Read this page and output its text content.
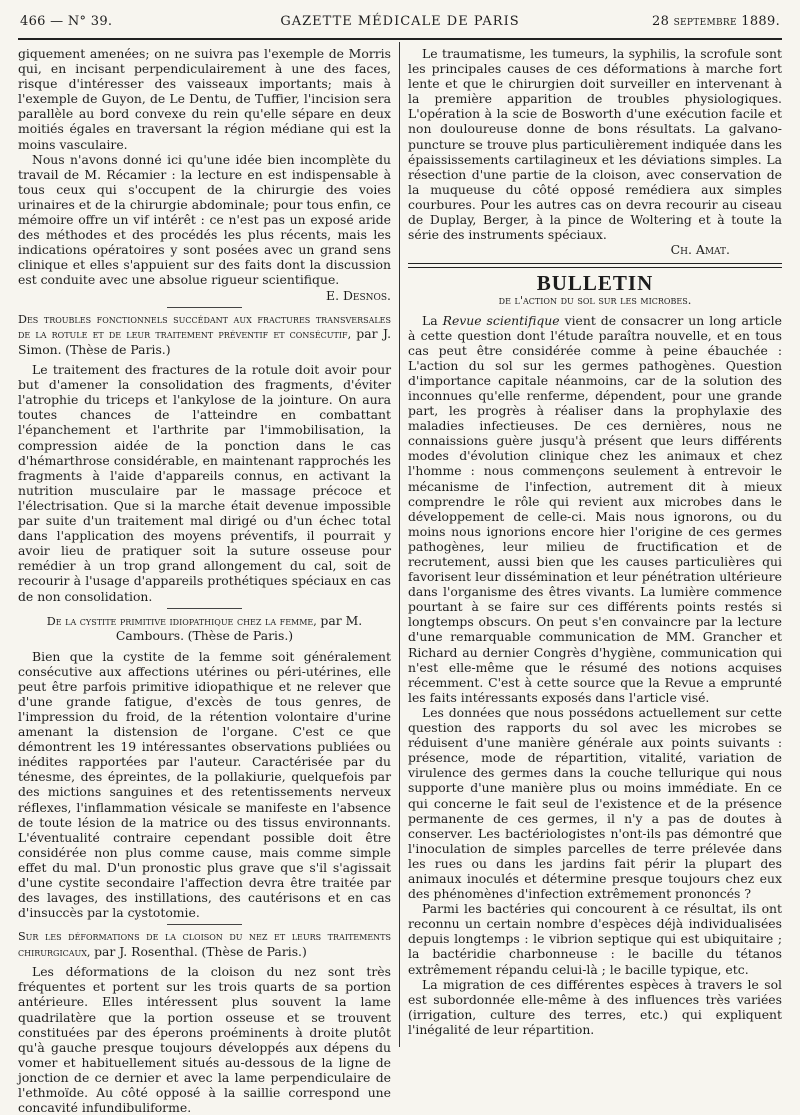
466 — N° 39.	GAZETTE MÉDICALE DE PARIS	28 septembre 1889.

giquement amenées; on ne suivra pas l'exemple de Morris qui, en incisant perpendiculairement à une des faces, risque d'intéresser des vaisseaux importants; mais à l'exemple de Guyon, de Le Dentu, de Tuffier, l'incision sera parallèle au bord convexe du rein qu'elle sépare en deux moitiés égales en traversant la région médiane qui est la moins vasculaire.

Nous n'avons donné ici qu'une idée bien incomplète du travail de M. Récamier : la lecture en est indispensable à tous ceux qui s'occupent de la chirurgie des voies urinaires et de la chirurgie abdominale; pour tous enfin, ce mémoire offre un vif intérêt : ce n'est pas un exposé aride des méthodes et des procédés les plus récents, mais les indications opératoires y sont posées avec un grand sens clinique et elles s'appuient sur des faits dont la discussion est conduite avec une absolue rigueur scientifique.

E. Desnos.
Des troubles fonctionnels succédant aux fractures transversales de la rotule et de leur traitement préventif et consécutif, par J. Simon. (Thèse de Paris.)

Le traitement des fractures de la rotule doit avoir pour but d'amener la consolidation des fragments, d'éviter l'atrophie du triceps et l'ankylose de la jointure. On aura toutes chances de l'atteindre en combattant l'épanchement et l'arthrite par l'immobilisation, la compression aidée de la ponction dans le cas d'hémarthrose considérable, en maintenant rapprochés les fragments à l'aide d'appareils connus, en activant la nutrition musculaire par le massage précoce et l'électrisation. Que si la marche était devenue impossible par suite d'un traitement mal dirigé ou d'un échec total dans l'application des moyens préventifs, il pourrait y avoir lieu de pratiquer soit la suture osseuse pour remédier à un trop grand allongement du cal, soit de recourir à l'usage d'appareils prothétiques spéciaux en cas de non consolidation.

De la cystite primitive idiopathique chez la femme, par M. Cambours. (Thèse de Paris.)

Bien que la cystite de la femme soit généralement consécutive aux affections utérines ou péri-utérines, elle peut être parfois primitive idiopathique et ne relever que d'une grande fatigue, d'excès de tous genres, de l'impression du froid, de la rétention volontaire d'urine amenant la distension de l'organe. C'est ce que démontrent les 19 intéressantes observations publiées ou inédites rapportées par l'auteur. Caractérisée par du ténesme, des épreintes, de la pollakiurie, quelquefois par des mictions sanguines et des retentissements nerveux réflexes, l'inflammation vésicale se manifeste en l'absence de toute lésion de la matrice ou des tissus environnants. L'éventualité contraire cependant possible doit être considérée non plus comme cause, mais comme simple effet du mal. D'un pronostic plus grave que s'il s'agissait d'une cystite secondaire l'affection devra être traitée par des lavages, des instillations, des cautérisons et en cas d'insuccès par la cystotomie.

Sur les déformations de la cloison du nez et leurs traitements chirurgicaux, par J. Rosenthal. (Thèse de Paris.)

Les déformations de la cloison du nez sont très fréquentes et portent sur les trois quarts de sa portion antérieure. Elles intéressent plus souvent la lame quadrilatère que la portion osseuse et se trouvent constituées par des éperons proéminents à droite plutôt qu'à gauche presque toujours développés aux dépens du vomer et habituellement situés au-dessous de la ligne de jonction de ce dernier et avec la lame perpendiculaire de l'ethmoïde. Au côté opposé à la saillie correspond une concavité infundibuliforme.

Le traumatisme, les tumeurs, la syphilis, la scrofule sont les principales causes de ces déformations à marche fort lente et que le chirurgien doit surveiller en intervenant à la première apparition de troubles physiologiques. L'opération à la scie de Bosworth d'une exécution facile et non douloureuse donne de bons résultats. La galvano-puncture se trouve plus particulièrement indiquée dans les épaississements cartilagineux et les déviations simples. La résection d'une partie de la cloison, avec conservation de la muqueuse du côté opposé remédiera aux simples courbures. Pour les autres cas on devra recourir au ciseau de Duplay, Berger, à la pince de Woltering et à toute la série des instruments spéciaux.

Ch. Amat.
BULLETIN
de l'action du sol sur les microbes.

La Revue scientifique vient de consacrer un long article à cette question dont l'étude paraîtra nouvelle, et en tous cas peut être considérée comme à peine ébauchée : L'action du sol sur les germes pathogènes. Question d'importance capitale néanmoins, car de la solution des inconnues qu'elle renferme, dépendent, pour une grande part, les progrès à réaliser dans la prophylaxie des maladies infectieuses. De ces dernières, nous ne connaissions guère jusqu'à présent que leurs différents modes d'évolution clinique chez les animaux et chez l'homme : nous commençons seulement à entrevoir le mécanisme de l'infection, autrement dit à mieux comprendre le rôle qui revient aux microbes dans le développement de celle-ci. Mais nous ignorons, ou du moins nous ignorions encore hier l'origine de ces germes pathogènes, leur milieu de fructification et de recrutement, aussi bien que les causes particulières qui favorisent leur dissémination et leur pénétration ultérieure dans l'organisme des êtres vivants. La lumière commence pourtant à se faire sur ces différents points restés si longtemps obscurs. On peut s'en convaincre par la lecture d'une remarquable communication de MM. Grancher et Richard au dernier Congrès d'hygiène, communication qui n'est elle-même que le résumé des notions acquises récemment. C'est à cette source que la Revue a emprunté les faits intéressants exposés dans l'article visé.

Les données que nous possédons actuellement sur cette question des rapports du sol avec les microbes se réduisent d'une manière générale aux points suivants : présence, mode de répartition, vitalité, variation de virulence des germes dans la couche tellurique qui nous supporte d'une manière plus ou moins immédiate. En ce qui concerne le fait seul de l'existence et de la présence permanente de ces germes, il n'y a pas de doutes à conserver. Les bactériologistes n'ont-ils pas démontré que l'inoculation de simples parcelles de terre prélevée dans les rues ou dans les jardins fait périr la plupart des animaux inoculés et détermine presque toujours chez eux des phénomènes d'infection extrêmement prononcés ?

Parmi les bactéries qui concourent à ce résultat, ils ont reconnu un certain nombre d'espèces déjà individualisées depuis longtemps : le vibrion septique qui est ubiquitaire ; la bactéridie charbonneuse : le bacille du tétanos extrêmement répandu celui-là ; le bacille typique, etc.

La migration de ces différentes espèces à travers le sol est subordonnée elle-même à des influences très variées (irrigation, culture des terres, etc.) qui expliquent l'inégalité de leur répartition.
